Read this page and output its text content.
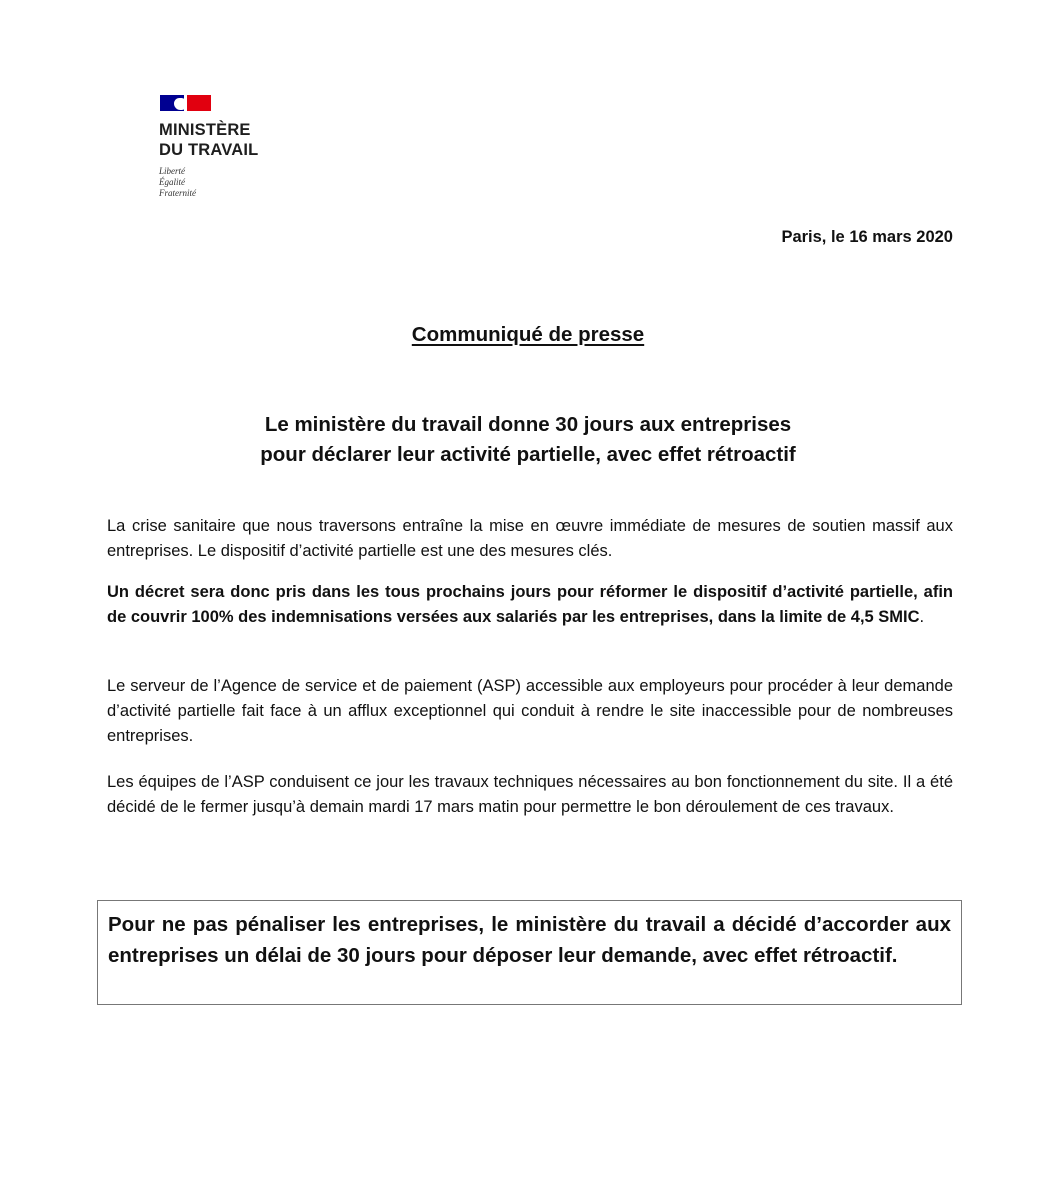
MINISTÈRE
DU TRAVAIL
Liberté
Égalité
Fraternité
Paris, le 16 mars 2020
Communiqué de presse
Le ministère du travail donne 30 jours aux entreprises
pour déclarer leur activité partielle, avec effet rétroactif
La crise sanitaire que nous traversons entraîne la mise en œuvre immédiate de mesures de soutien massif aux entreprises. Le dispositif d’activité partielle est une des mesures clés.
Un décret sera donc pris dans les tous prochains jours pour réformer le dispositif d’activité partielle, afin de couvrir 100% des indemnisations versées aux salariés par les entreprises, dans la limite de 4,5 SMIC.
Le serveur de l’Agence de service et de paiement (ASP) accessible aux employeurs pour procéder à leur demande d’activité partielle fait face à un afflux exceptionnel qui conduit à rendre le site inaccessible pour de nombreuses entreprises.
Les équipes de l’ASP conduisent ce jour les travaux techniques nécessaires au bon fonctionnement du site. Il a été décidé de le fermer jusqu’à demain mardi 17 mars matin pour permettre le bon déroulement de ces travaux.
Pour ne pas pénaliser les entreprises, le ministère du travail a décidé d’accorder aux entreprises un délai de 30 jours pour déposer leur demande, avec effet rétroactif.
